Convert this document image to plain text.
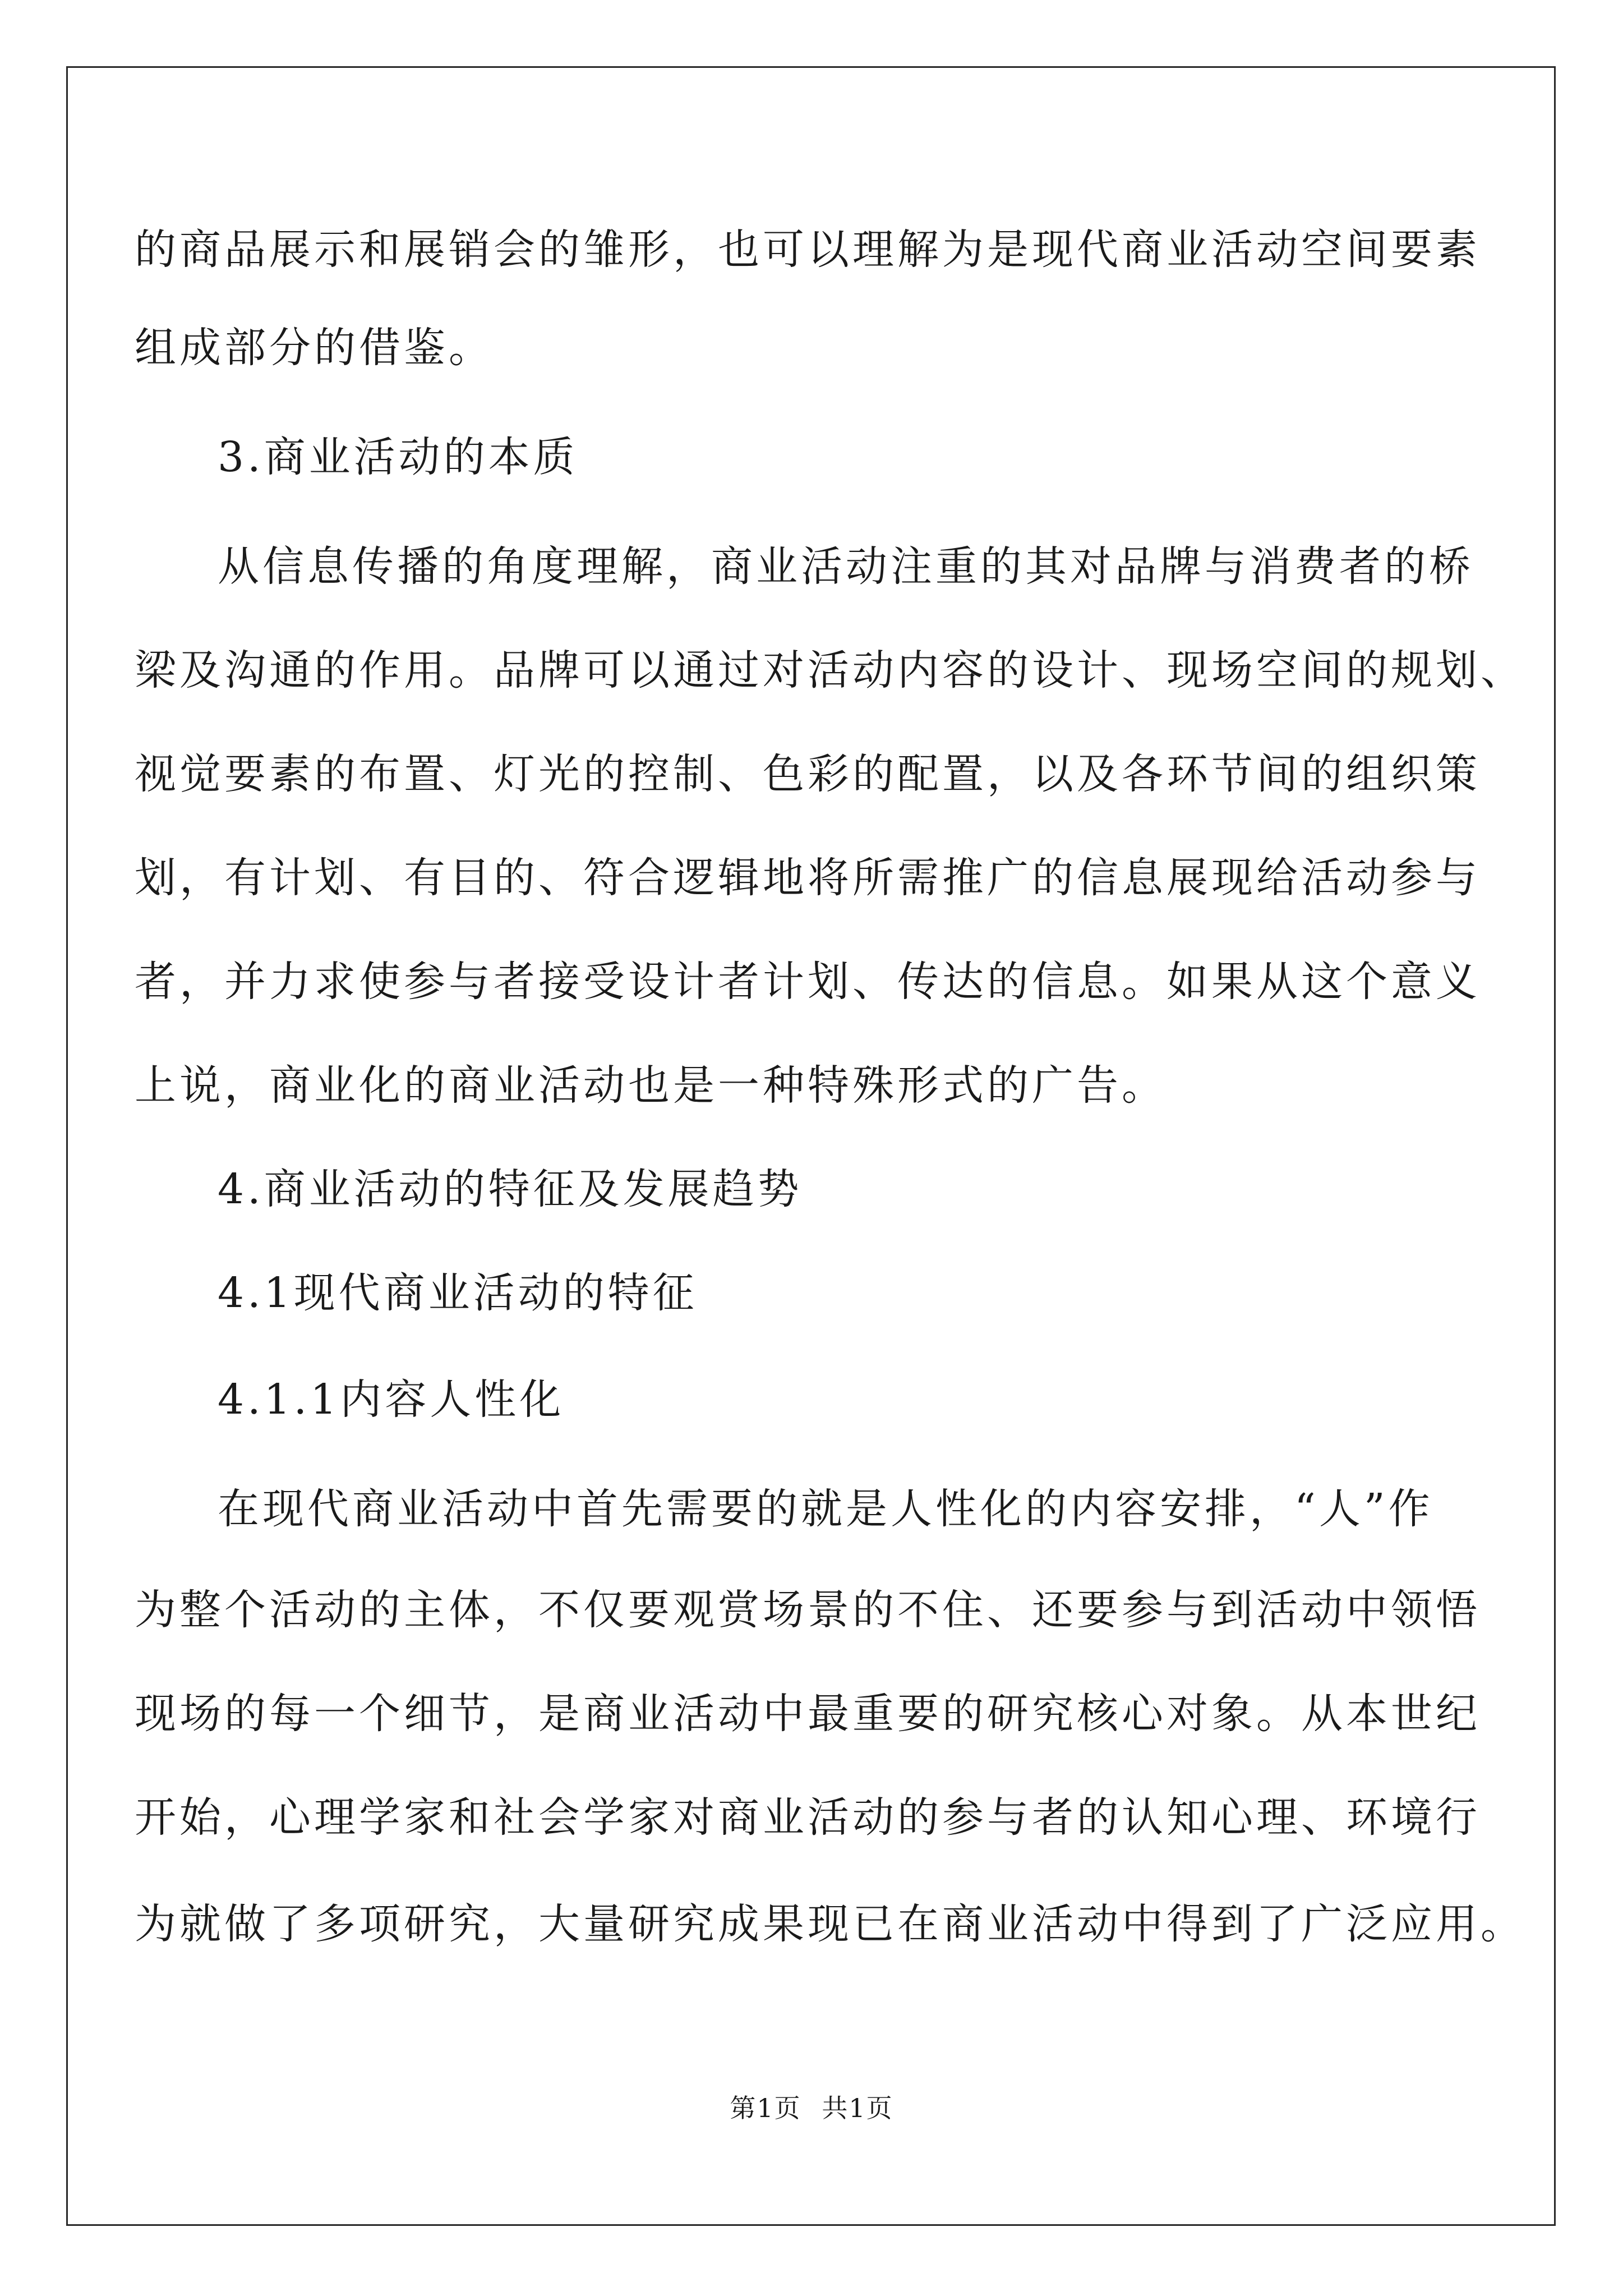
的商品展示和展销会的雏形，也可以理解为是现代商业活动空间要素
组成部分的借鉴。
3.商业活动的本质
从信息传播的角度理解，商业活动注重的其对品牌与消费者的桥
梁及沟通的作用。品牌可以通过对活动内容的设计、现场空间的规划、
视觉要素的布置、灯光的控制、色彩的配置，以及各环节间的组织策
划，有计划、有目的、符合逻辑地将所需推广的信息展现给活动参与
者，并力求使参与者接受设计者计划、传达的信息。如果从这个意义
上说，商业化的商业活动也是一种特殊形式的广告。
4.商业活动的特征及发展趋势
4.1现代商业活动的特征
4.1.1内容人性化
在现代商业活动中首先需要的就是人性化的内容安排，“人”作
为整个活动的主体，不仅要观赏场景的不住、还要参与到活动中领悟
现场的每一个细节，是商业活动中最重要的研究核心对象。从本世纪
开始，心理学家和社会学家对商业活动的参与者的认知心理、环境行
为就做了多项研究，大量研究成果现已在商业活动中得到了广泛应用。
第1页 共1页
